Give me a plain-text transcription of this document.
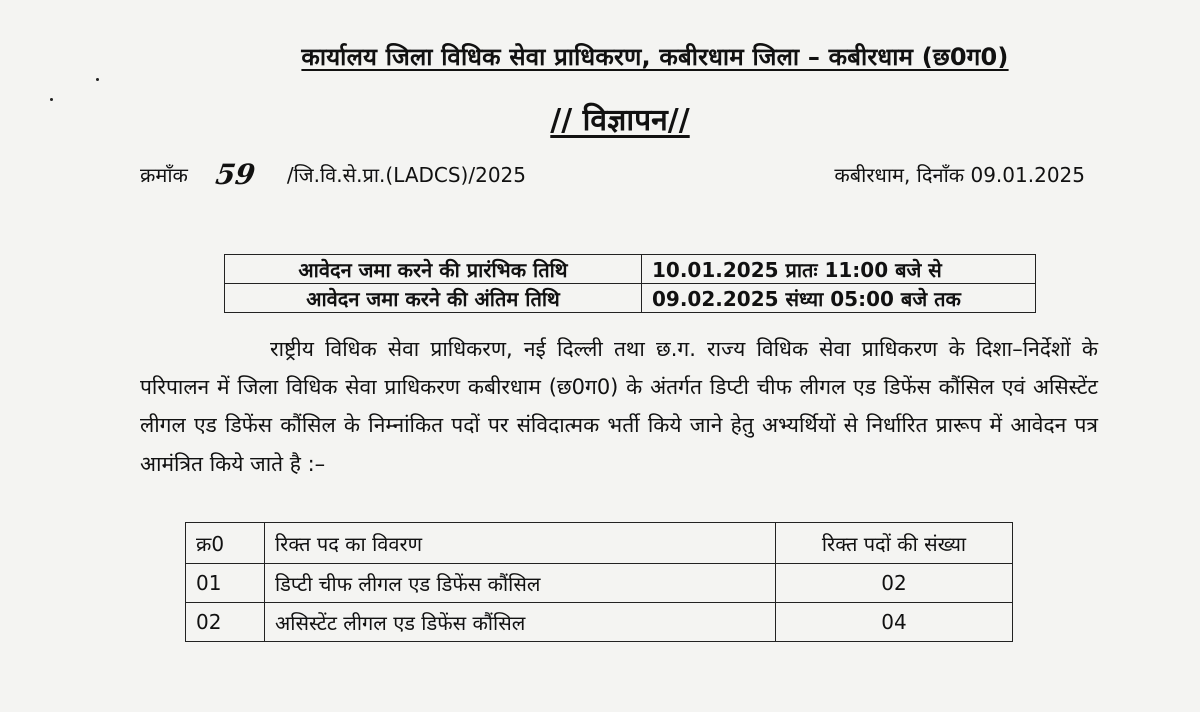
कार्यालय जिला विधिक सेवा प्राधिकरण, कबीरधाम जिला – कबीरधाम (छ0ग0)
// विज्ञापन//
क्रमाँक 59 /जि.वि.से.प्रा.(LADCS)/2025	कबीरधाम, दिनाँक 09.01.2025
आवेदन जमा करने की प्रारंभिक तिथि	10.01.2025 प्रातः 11:00 बजे से
आवेदन जमा करने की अंतिम तिथि	09.02.2025 संध्या 05:00 बजे तक

राष्ट्रीय विधिक सेवा प्राधिकरण, नई दिल्ली तथा छ.ग. राज्य विधिक सेवा प्राधिकरण के दिशा–निर्देशों के परिपालन में जिला विधिक सेवा प्राधिकरण कबीरधाम (छ0ग0) के अंतर्गत डिप्टी चीफ लीगल एड डिफेंस कौंसिल एवं असिस्टेंट लीगल एड डिफेंस कौंसिल के निम्नांकित पदों पर संविदात्मक भर्ती किये जाने हेतु अभ्यर्थियों से निर्धारित प्रारूप में आवेदन पत्र आमंत्रित किये जाते है :–

क्र0	रिक्त पद का विवरण	रिक्त पदों की संख्या
01	डिप्टी चीफ लीगल एड डिफेंस कौंसिल	02
02	असिस्टेंट लीगल एड डिफेंस कौंसिल	04
